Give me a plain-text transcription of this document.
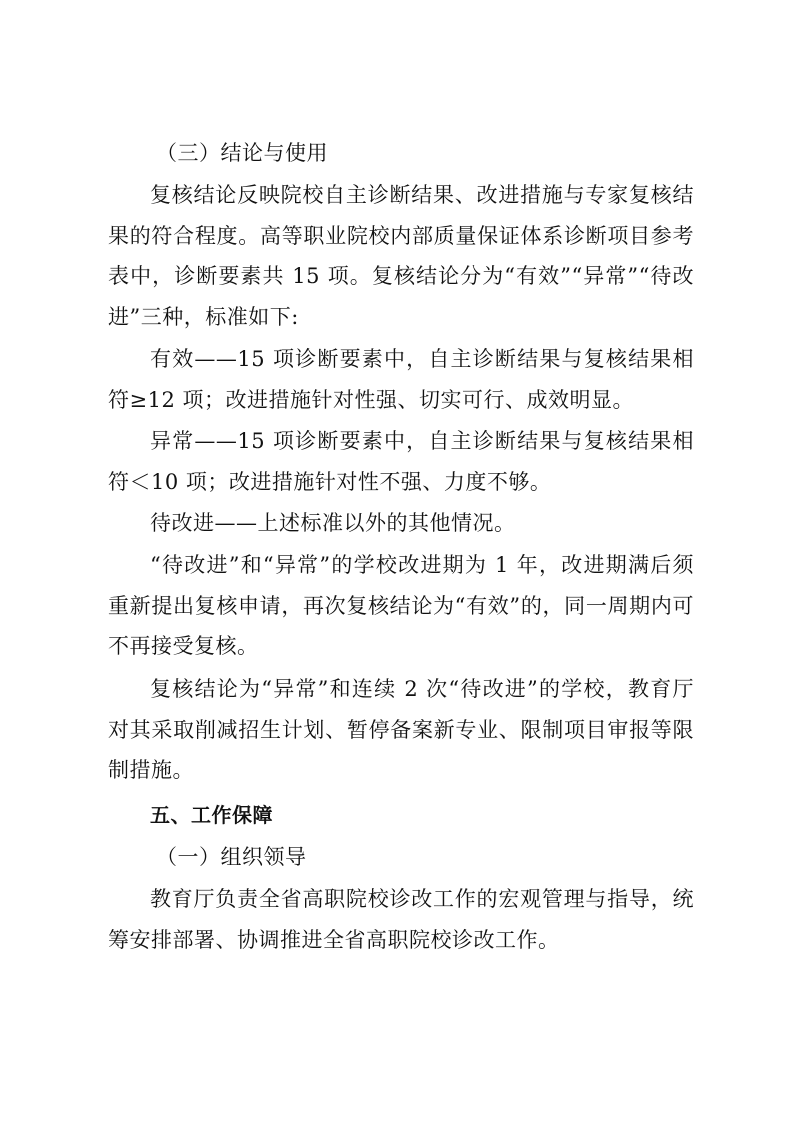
（三）结论与使用

复核结论反映院校自主诊断结果、改进措施与专家复核结果的符合程度。高等职业院校内部质量保证体系诊断项目参考表中，诊断要素共 15 项。复核结论分为“有效”“异常”“待改进”三种，标准如下:

有效——15 项诊断要素中，自主诊断结果与复核结果相符≥12 项；改进措施针对性强、切实可行、成效明显。

异常——15 项诊断要素中，自主诊断结果与复核结果相符＜10 项；改进措施针对性不强、力度不够。

待改进——上述标准以外的其他情况。

“待改进”和“异常”的学校改进期为 1 年，改进期满后须重新提出复核申请，再次复核结论为“有效”的，同一周期内可不再接受复核。

复核结论为“异常”和连续 2 次“待改进”的学校，教育厅对其采取削减招生计划、暂停备案新专业、限制项目审报等限制措施。

五、工作保障

（一）组织领导

教育厅负责全省高职院校诊改工作的宏观管理与指导，统筹安排部署、协调推进全省高职院校诊改工作。
